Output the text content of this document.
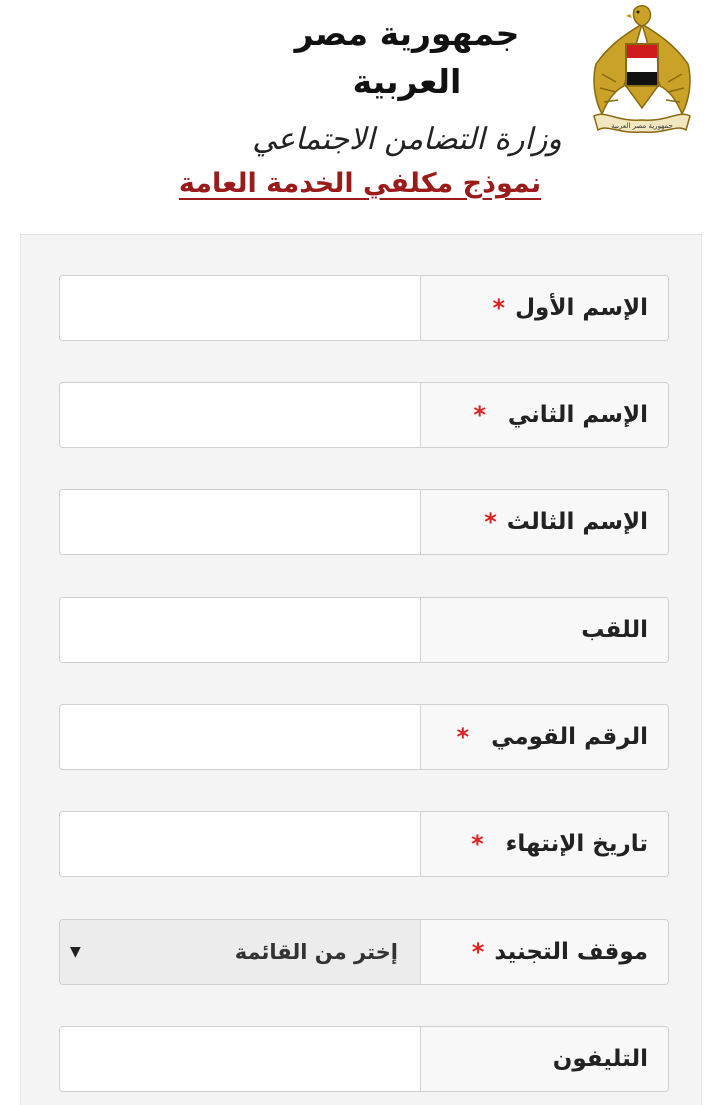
جمهورية مصر العربية
وزارة التضامن الاجتماعي	جمهورية مصر العربية
نموذج مكلفي الخدمة العامة
الإسم الأول
*
الإسم الثاني
*
الإسم الثالث
*
اللقب
الرقم القومي
*
تاريخ الإنتهاء
*
موقف التجنيد
*
إختر من القائمة
▼
التليفون
